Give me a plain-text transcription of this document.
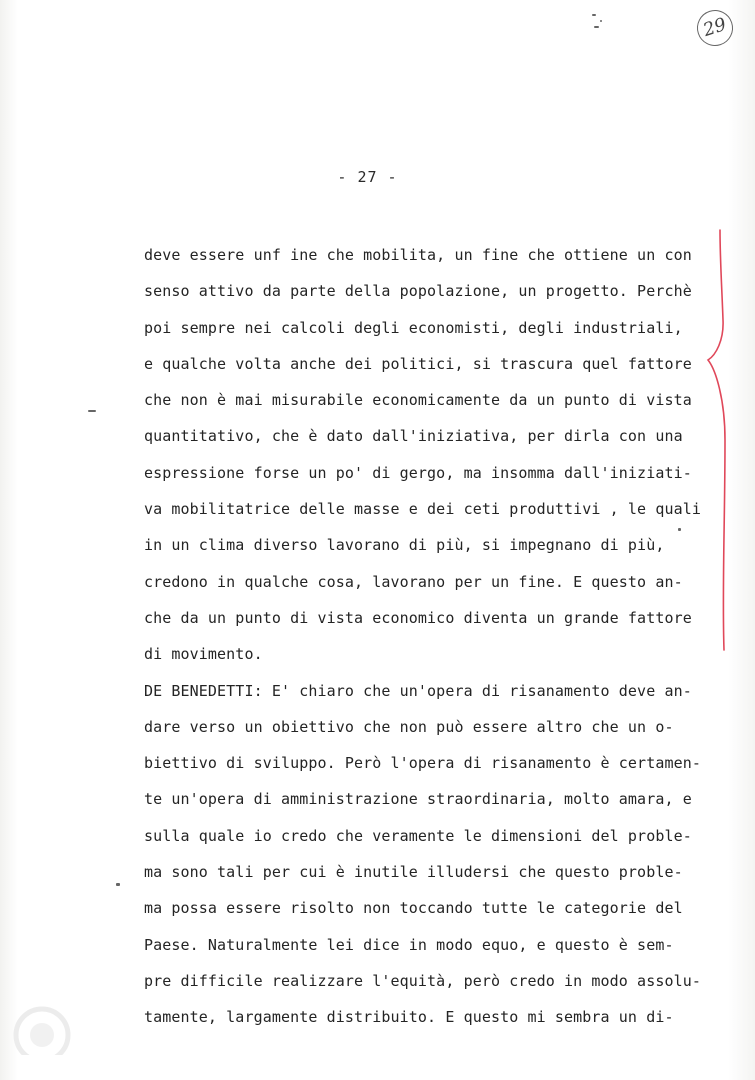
29
- 27 -
deve essere unf ine che mobilita, un fine che ottiene un con
senso attivo da parte della popolazione, un progetto. Perchè
poi sempre nei calcoli degli economisti, degli industriali,
e qualche volta anche dei politici, si trascura quel fattore
che non è mai misurabile economicamente da un punto di vista
quantitativo, che è dato dall'iniziativa, per dirla con una
espressione forse un po' di gergo, ma insomma dall'iniziati-
va mobilitatrice delle masse e dei ceti produttivi , le quali
in un clima diverso lavorano di più, si impegnano di più,
credono in qualche cosa, lavorano per un fine. E questo an-
che da un punto di vista economico diventa un grande fattore
di movimento.
DE BENEDETTI: E' chiaro che un'opera di risanamento deve an-
dare verso un obiettivo che non può essere altro che un o-
biettivo di sviluppo. Però l'opera di risanamento è certamen-
te un'opera di amministrazione straordinaria, molto amara, e
sulla quale io credo che veramente le dimensioni del proble-
ma sono tali per cui è inutile illudersi che questo proble-
ma possa essere risolto non toccando tutte le categorie del
Paese. Naturalmente lei dice in modo equo, e questo è sem-
pre difficile realizzare l'equità, però credo in modo assolu-
tamente, largamente distribuito. E questo mi sembra un di-
